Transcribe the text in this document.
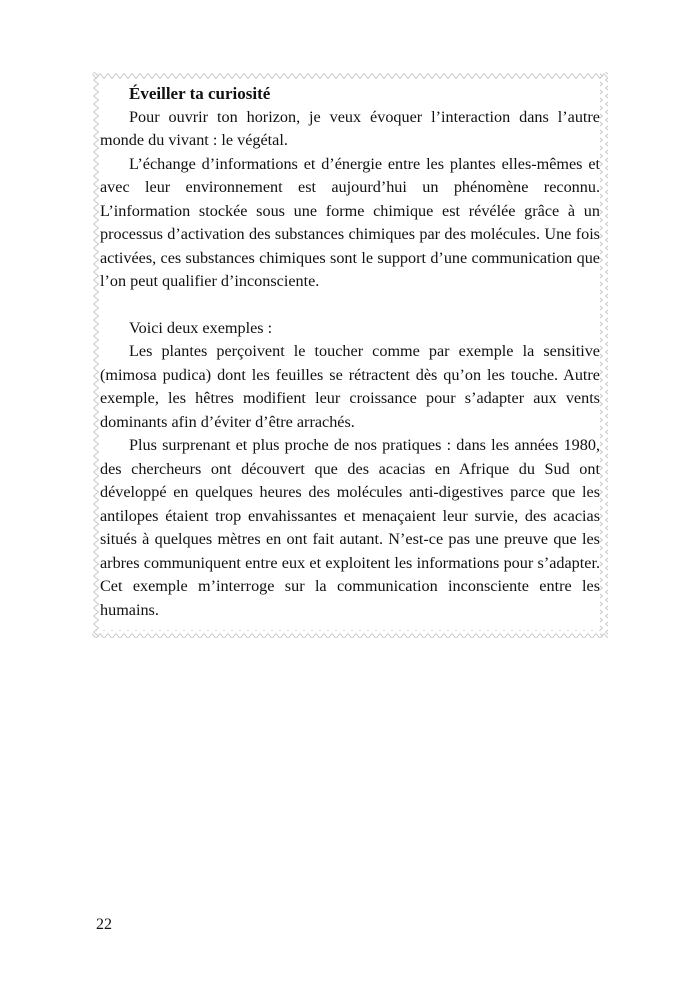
Éveiller ta curiosité

Pour ouvrir ton horizon, je veux évoquer l’interaction dans l’autre monde du vivant : le végétal.

L’échange d’informations et d’énergie entre les plantes elles-mêmes et avec leur environnement est aujourd’hui un phénomène reconnu. L’information stockée sous une forme chimique est révélée grâce à un processus d’activation des substances chimiques par des molécules. Une fois activées, ces substances chimiques sont le support d’une communication que l’on peut qualifier d’inconsciente.

Voici deux exemples :

Les plantes perçoivent le toucher comme par exemple la sensitive (mimosa pudica) dont les feuilles se rétractent dès qu’on les touche. Autre exemple, les hêtres modifient leur croissance pour s’adapter aux vents dominants afin d’éviter d’être arrachés.

Plus surprenant et plus proche de nos pratiques : dans les années 1980, des chercheurs ont découvert que des acacias en Afrique du Sud ont développé en quelques heures des molécules anti-digestives parce que les antilopes étaient trop envahissantes et menaçaient leur survie, des acacias situés à quelques mètres en ont fait autant. N’est-ce pas une preuve que les arbres communiquent entre eux et exploitent les informations pour s’adapter. Cet exemple m’interroge sur la communication inconsciente entre les humains.

22
